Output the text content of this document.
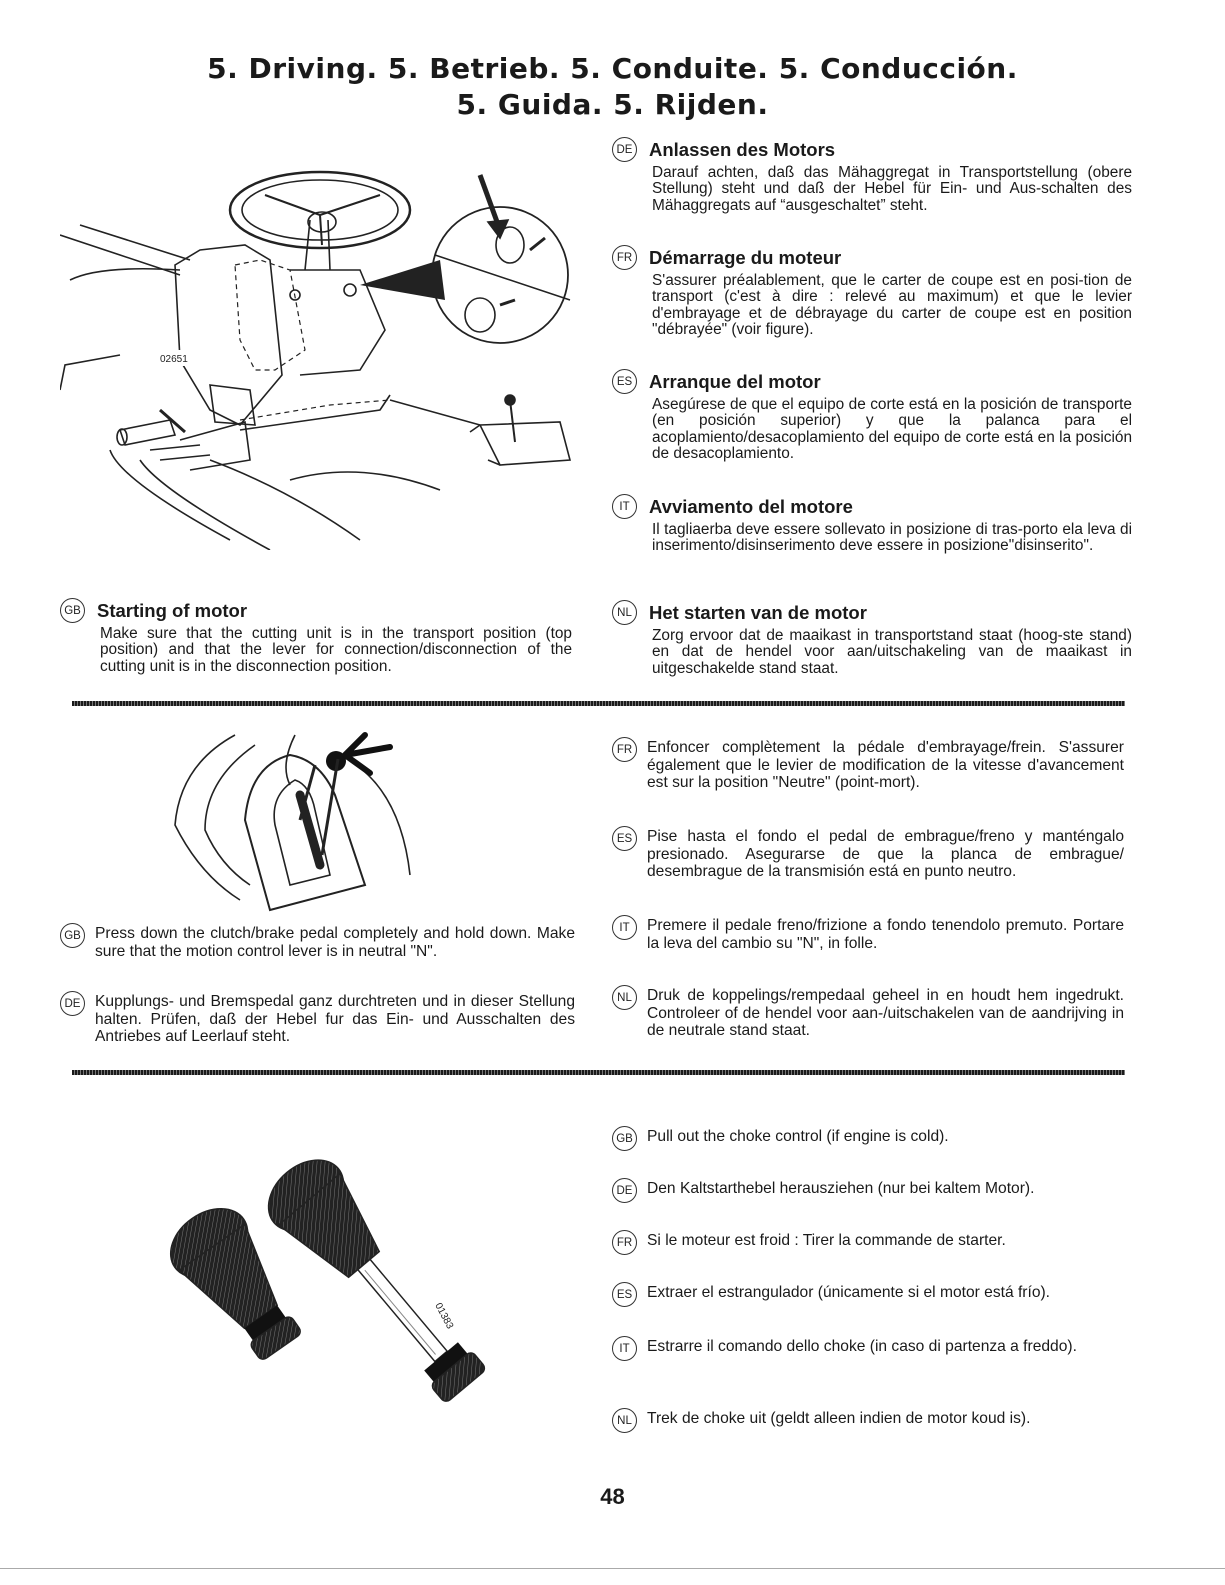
5. Driving. 5. Betrieb. 5. Conduite. 5. Conducción.
5. Guida. 5. Rijden.
02651
DE Anlassen des Motors
Darauf achten, daß das Mähaggregat in Transportstellung (obere Stellung) steht und daß der Hebel für Ein- und Aus-schalten des Mähaggregats auf “ausgeschaltet” steht.
FR Démarrage du moteur
S'assurer préalablement, que le carter de coupe est en posi-tion de transport (c'est à dire : relevé au maximum) et que le levier d'embrayage et de débrayage du carter de coupe est en position "débrayée" (voir figure).
ES Arranque del motor
Asegúrese de que el equipo de corte está en la posición de transporte (en posición superior) y que la palanca para el acoplamiento/desacoplamiento del equipo de corte está en la posición de desacoplamiento.
IT	Avviamento del motore
Il tagliaerba deve essere sollevato in posizione di tras-porto ela leva di inserimento/disinserimento deve essere in posizione"disinserito".
NL Het starten van de motor
Zorg ervoor dat de maaikast in transportstand staat (hoog-ste stand) en dat de hendel voor aan/uitschakeling van de maaikast in uitgeschakelde stand staat.
GB Starting of motor
Make sure that the cutting unit is in the transport position (top position) and that the lever for connection/disconnection of the cutting unit is in the disconnection position.
GB Press down the clutch/brake pedal completely and hold down. Make sure that the motion control lever is in neutral "N".
DE Kupplungs- und Bremspedal ganz durchtreten und in dieser Stellung halten. Prüfen, daß der Hebel fur das Ein- und Ausschalten des Antriebes auf Leerlauf steht.
FR Enfoncer complètement la pédale d'embrayage/frein. S'assurer également que le levier de modification de la vitesse d'avancement est sur la position "Neutre" (point-mort).
ES Pise hasta el fondo el pedal de embrague/freno y manténgalo presionado. Asegurarse de que la planca de embrague/ desembrague de la transmisión está en punto neutro.
IT	Premere il pedale freno/frizione a fondo tenendolo premuto. Portare la leva del cambio su "N", in folle.
NL Druk de koppelings/rempedaal geheel in en houdt hem ingedrukt. Controleer of de hendel voor aan-/uitschakelen van de aandrijving in de neutrale stand staat.
01383
GB Pull out the choke control (if engine is cold).
DE Den Kaltstarthebel herausziehen (nur bei kaltem Motor).
FR Si le moteur est froid : Tirer la commande de starter.
ES Extraer el estrangulador (únicamente si el motor está frío).
IT	Estrarre il comando dello choke (in caso di partenza a freddo).
NL Trek de choke uit (geldt alleen indien de motor koud is).
48
